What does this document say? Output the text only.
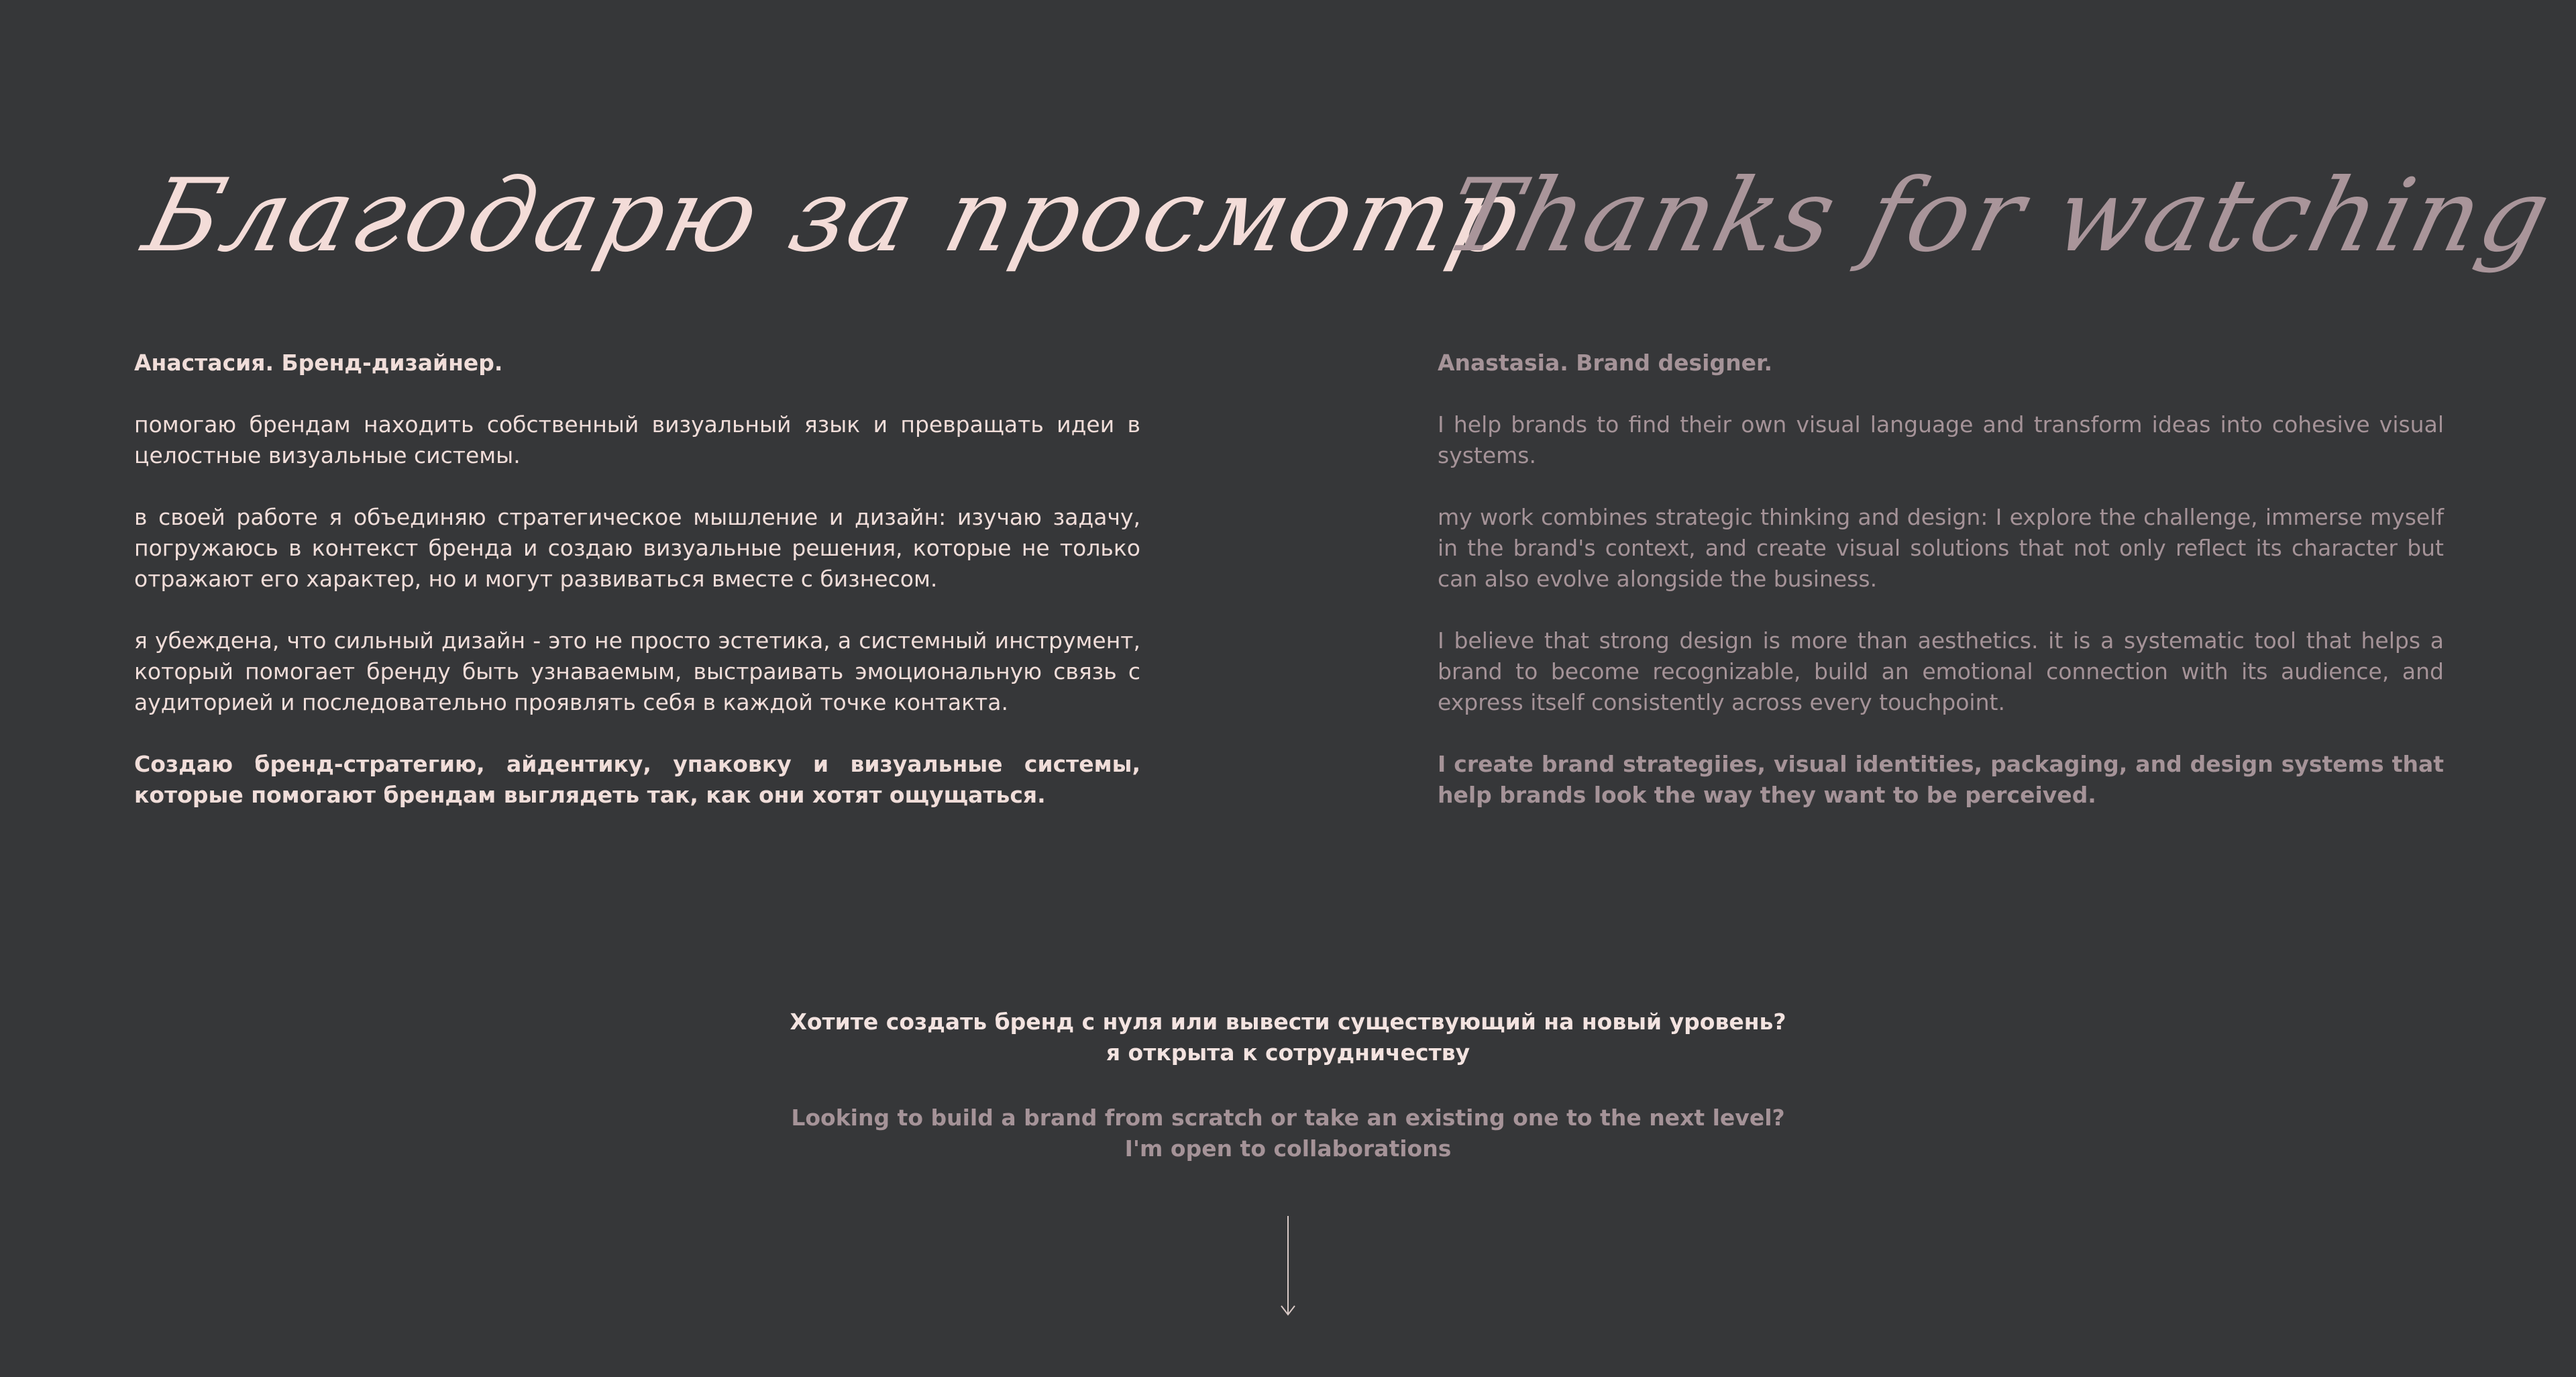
Благодарю за просмотр
Thanks for watching

Анастасия. Бренд-дизайнер.

помогаю брендам находить собственный визуальный язык и превращать идеи в целостные визуальные системы.

в своей работе я объединяю стратегическое мышление и дизайн: изучаю задачу, погружаюсь в контекст бренда и создаю визуальные решения, которые не только отражают его характер, но и могут развиваться вместе с бизнесом.

я убеждена, что сильный дизайн - это не просто эстетика, а системный инструмент, который помогает бренду быть узнаваемым, выстраивать эмоциональную связь с аудиторией и последовательно проявлять себя в каждой точке контакта.

Создаю бренд-стратегию, айдентику, упаковку и визуальные системы, которые помогают брендам выглядеть так, как они хотят ощущаться.

Anastasia. Brand designer.

I help brands to find their own visual language and transform ideas into cohesive visual systems.

my work combines strategic thinking and design: I explore the challenge, immerse myself in the brand's context, and create visual solutions that not only reflect its character but can also evolve alongside the business.

I believe that strong design is more than aesthetics. it is a systematic tool that helps a brand to become recognizable, build an emotional connection with its audience, and express itself consistently across every touchpoint.

I create brand strategiies, visual identities, packaging, and design systems that help brands look the way they want to be perceived.

Хотите создать бренд с нуля или вывести существующий на новый уровень?
я открыта к сотрудничеству
Looking to build a brand from scratch or take an existing one to the next level?
I'm open to collaborations
